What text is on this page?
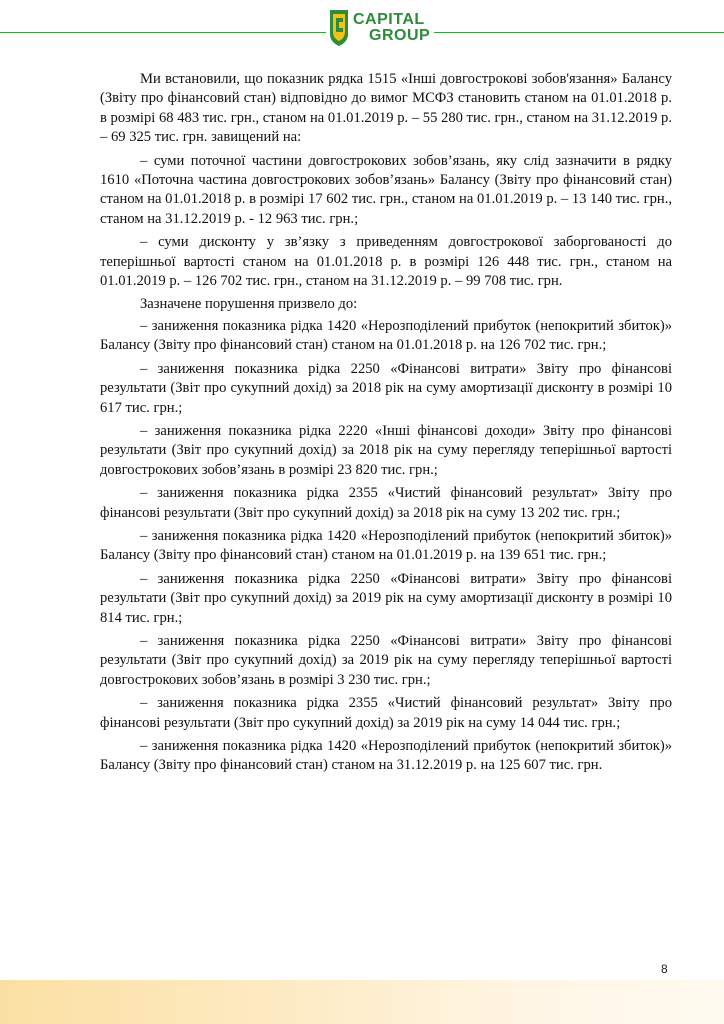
CAPITAL
GROUP

Ми встановили, що показник рядка 1515 «Інші довгострокові зобов'язання» Балансу (Звіту про фінансовий стан) відповідно до вимог МСФЗ становить станом на 01.01.2018 р. в розмірі 68 483 тис. грн., станом на 01.01.2019 р. – 55 280 тис. грн., станом на 31.12.2019 р. – 69 325 тис. грн. завищений на:

– суми поточної частини довгострокових зобов’язань, яку слід зазначити в рядку 1610 «Поточна частина довгострокових зобов’язань» Балансу (Звіту про фінансовий стан) станом на 01.01.2018 р. в розмірі 17 602 тис. грн., станом на 01.01.2019 р. – 13 140 тис. грн., станом на 31.12.2019 р. - 12 963 тис. грн.;

– суми дисконту у зв’язку з приведенням довгострокової заборгованості до теперішньої вартості станом на 01.01.2018 р. в розмірі 126 448 тис. грн., станом на 01.01.2019 р. – 126 702 тис. грн., станом на 31.12.2019 р. – 99 708 тис. грн.

Зазначене порушення призвело до:

– заниження показника рідка 1420 «Нерозподілений прибуток (непокритий збиток)» Балансу (Звіту про фінансовий стан) станом на 01.01.2018 р. на 126 702 тис. грн.;

– заниження показника рідка 2250 «Фінансові витрати» Звіту про фінансові результати (Звіт про сукупний дохід) за 2018 рік на суму амортизації дисконту в розмірі 10 617 тис. грн.;

– заниження показника рідка 2220 «Інші фінансові доходи» Звіту про фінансові результати (Звіт про сукупний дохід) за 2018 рік на суму перегляду теперішньої вартості довгострокових зобов’язань в розмірі 23 820 тис. грн.;

– заниження показника рідка 2355 «Чистий фінансовий результат» Звіту про фінансові результати (Звіт про сукупний дохід) за 2018 рік на суму 13 202 тис. грн.;

– заниження показника рідка 1420 «Нерозподілений прибуток (непокритий збиток)» Балансу (Звіту про фінансовий стан) станом на 01.01.2019 р. на 139 651 тис. грн.;

– заниження показника рідка 2250 «Фінансові витрати» Звіту про фінансові результати (Звіт про сукупний дохід) за 2019 рік на суму амортизації дисконту в розмірі 10 814 тис. грн.;

– заниження показника рідка 2250 «Фінансові витрати» Звіту про фінансові результати (Звіт про сукупний дохід) за 2019 рік на суму перегляду теперішньої вартості довгострокових зобов’язань в розмірі 3 230 тис. грн.;

– заниження показника рідка 2355 «Чистий фінансовий результат» Звіту про фінансові результати (Звіт про сукупний дохід) за 2019 рік на суму 14 044 тис. грн.;

– заниження показника рідка 1420 «Нерозподілений прибуток (непокритий збиток)» Балансу (Звіту про фінансовий стан) станом на 31.12.2019 р. на 125 607 тис. грн.

8
